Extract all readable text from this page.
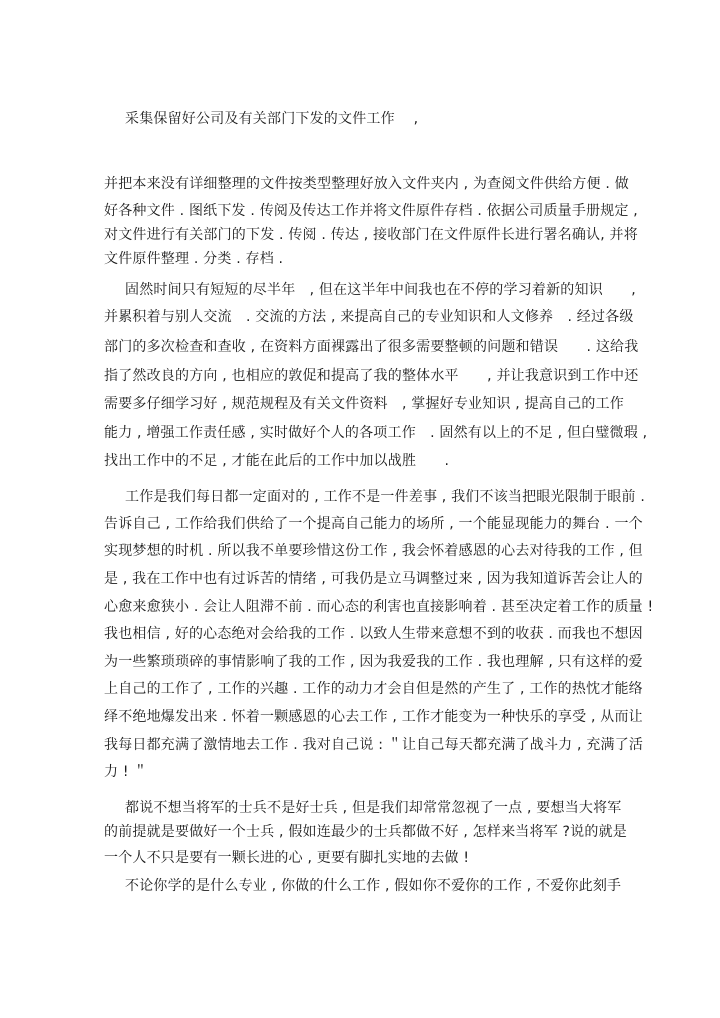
采集保留好公司及有关部门下发的文件工作　 ,
并把本来没有详细整理的文件按类型整理好放入文件夹内 , 为查阅文件供给方便 . 做
好各种文件 . 图纸下发 . 传阅及传达工作并将文件原件存档 . 依据公司质量手册规定 ,
对文件进行有关部门的下发 . 传阅 . 传达 , 接收部门在文件原件长进行署名确认, 并将
文件原件整理 . 分类 . 存档 .
固然时间只有短短的尽半年　, 但在这半年中间我也在不停的学习着新的知识　　,
并累积着与别人交流　. 交流的方法 , 来提高自己的专业知识和人文修养　. 经过各级
部门的多次检查和查收 , 在资料方面裸露出了很多需要整顿的问题和错误　　. 这给我
指了然改良的方向 , 也相应的敦促和提高了我的整体水平　　, 并让我意识到工作中还
需要多仔细学习好 , 规范规程及有关文件资料　, 掌握好专业知识 , 提高自己的工作
能力 , 增强工作责任感 , 实时做好个人的各项工作　. 固然有以上的不足 , 但白璧微瑕 ,
找出工作中的不足 , 才能在此后的工作中加以战胜　　.
工作是我们每日都一定面对的 , 工作不是一件差事 , 我们不该当把眼光限制于眼前 .
告诉自己 , 工作给我们供给了一个提高自己能力的场所 , 一个能显现能力的舞台 . 一个
实现梦想的时机 . 所以我不单要珍惜这份工作 , 我会怀着感恩的心去对待我的工作 , 但
是 , 我在工作中也有过诉苦的情绪 , 可我仍是立马调整过来 , 因为我知道诉苦会让人的
心愈来愈狭小 . 会让人阻滞不前 . 而心态的利害也直接影响着 . 甚至决定着工作的质量 !
我也相信 , 好的心态绝对会给我的工作 . 以致人生带来意想不到的收获 . 而我也不想因
为一些繁琐琐碎的事情影响了我的工作 , 因为我爱我的工作 . 我也理解 , 只有这样的爱
上自己的工作了 , 工作的兴趣 . 工作的动力才会自但是然的产生了 , 工作的热忱才能络
绎不绝地爆发出来 . 怀着一颗感恩的心去工作 , 工作才能变为一种快乐的享受 , 从而让
我每日都充满了激情地去工作 . 我对自己说 : ＂让自己每天都充满了战斗力 , 充满了活
力 ! ＂
都说不想当将军的士兵不是好士兵 , 但是我们却常常忽视了一点 , 要想当大将军
的前提就是要做好一个士兵 , 假如连最少的士兵都做不好 , 怎样来当将军 ?说的就是
一个人不只是要有一颗长进的心 , 更要有脚扎实地的去做 !
不论你学的是什么专业 , 你做的什么工作 , 假如你不爱你的工作 , 不爱你此刻手
